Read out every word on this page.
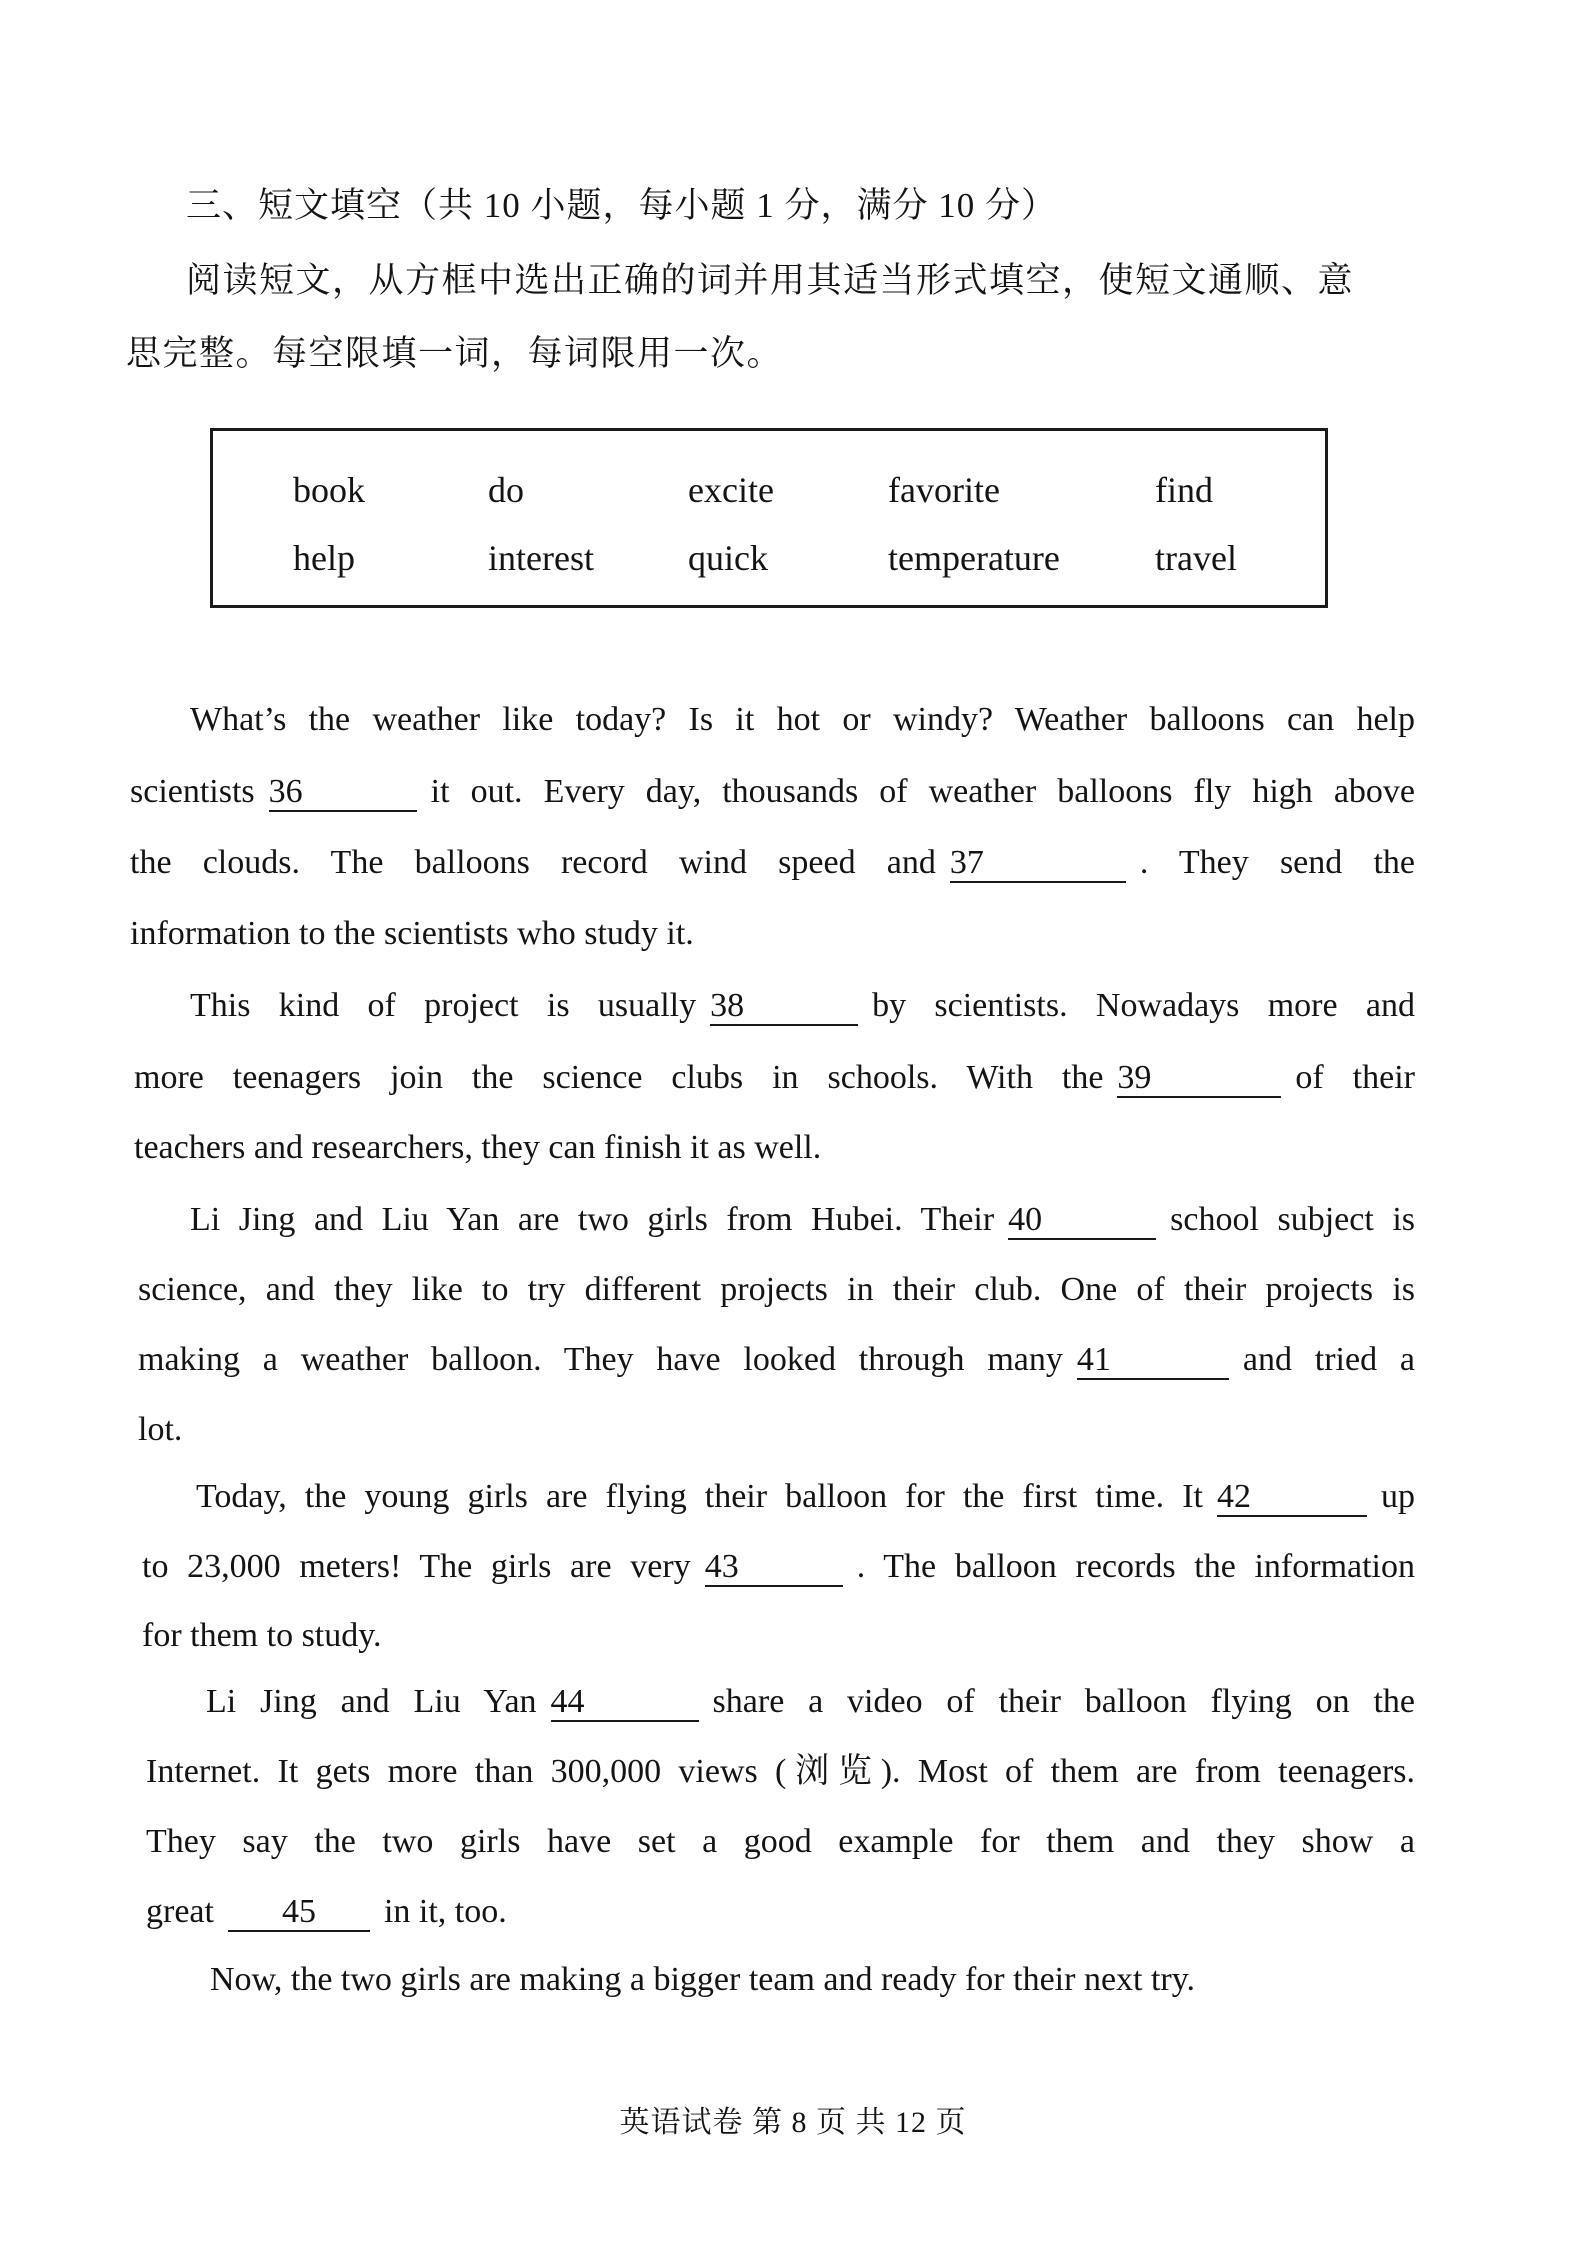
三、短文填空（共 10 小题，每小题 1 分，满分 10 分）
阅读短文，从方框中选出正确的词并用其适当形式填空，使短文通顺、意
思完整。每空限填一词，每词限用一次。
book	do	excite	favorite	find
help	interest	quick	temperature	travel
What’s the weather like today? Is it hot or windy? Weather balloons can help
scientists 36	it out. Every day, thousands of weather balloons fly high above
the clouds. The balloons record wind speed and 37	. They send the
information to the scientists who study it.
This kind of project is usually 38	by scientists. Nowadays more and
more teenagers join the science clubs in schools. With the 39	of their
teachers and researchers, they can finish it as well.
Li Jing and Liu Yan are two girls from Hubei. Their 40	school subject is
science, and they like to try different projects in their club. One of their projects is
making a weather balloon. They have looked through many 41	and tried a
lot.
Today, the young girls are flying their balloon for the first time. It 42	up
to 23,000 meters! The girls are very 43	. The balloon records the information
for them to study.
Li Jing and Liu Yan 44	share a video of their balloon flying on the
Internet. It gets more than 300,000 views (浏览). Most of them are from teenagers.
They say the two girls have set a good example for them and they show a
great 45 in it, too.
Now, the two girls are making a bigger team and ready for their next try.
英语试卷 第 8 页 共 12 页
